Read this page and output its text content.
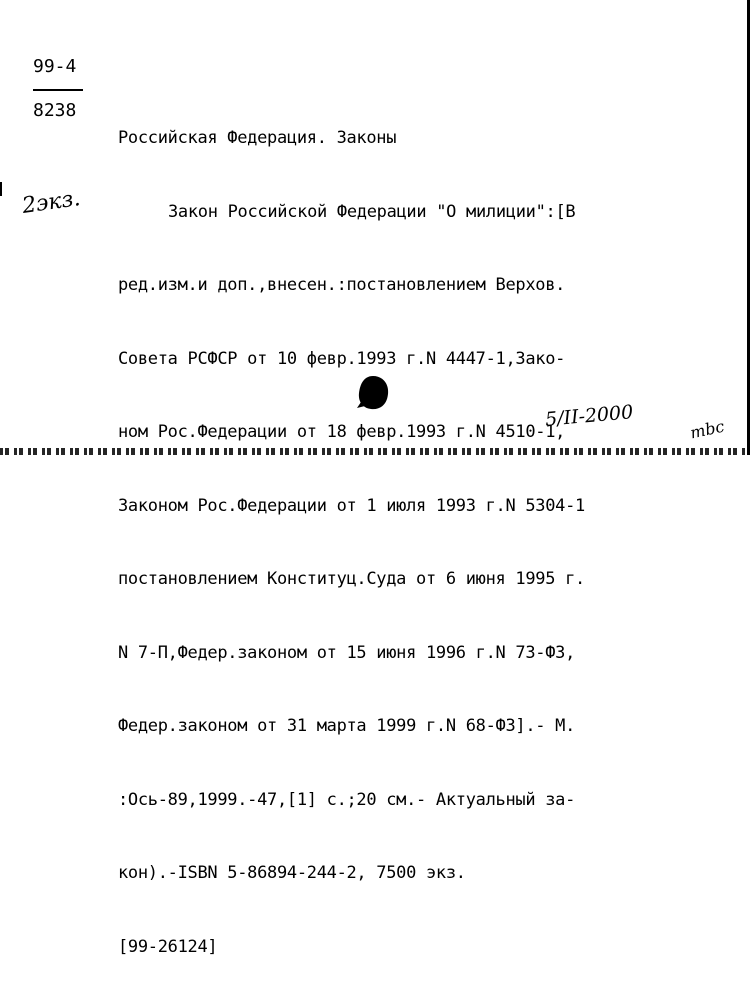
99-4
8238

Российская Федерация. Законы

Закон Российской Федерации "О милиции":[В

ред.изм.и доп.,внесен.:постановлением Верхов.

Совета РСФСР от 10 февр.1993 г.N 4447-1,Зако-

ном Рос.Федерации от 18 февр.1993 г.N 4510-1,

Законом Рос.Федерации от 1 июля 1993 г.N 5304-1

постановлением Конституц.Суда от 6 июня 1995 г.

N 7-П,Федер.законом от 15 июня 1996 г.N 73-ФЗ,

Федер.законом от 31 марта 1999 г.N 68-ФЗ].- М.

:Ось-89,1999.-47,[1] с.;20 см.- Актуальный за-

кон).-ISBN 5-86894-244-2, 7500 экз.

[99-26124]

2экз.
5/II-2000	mbc
